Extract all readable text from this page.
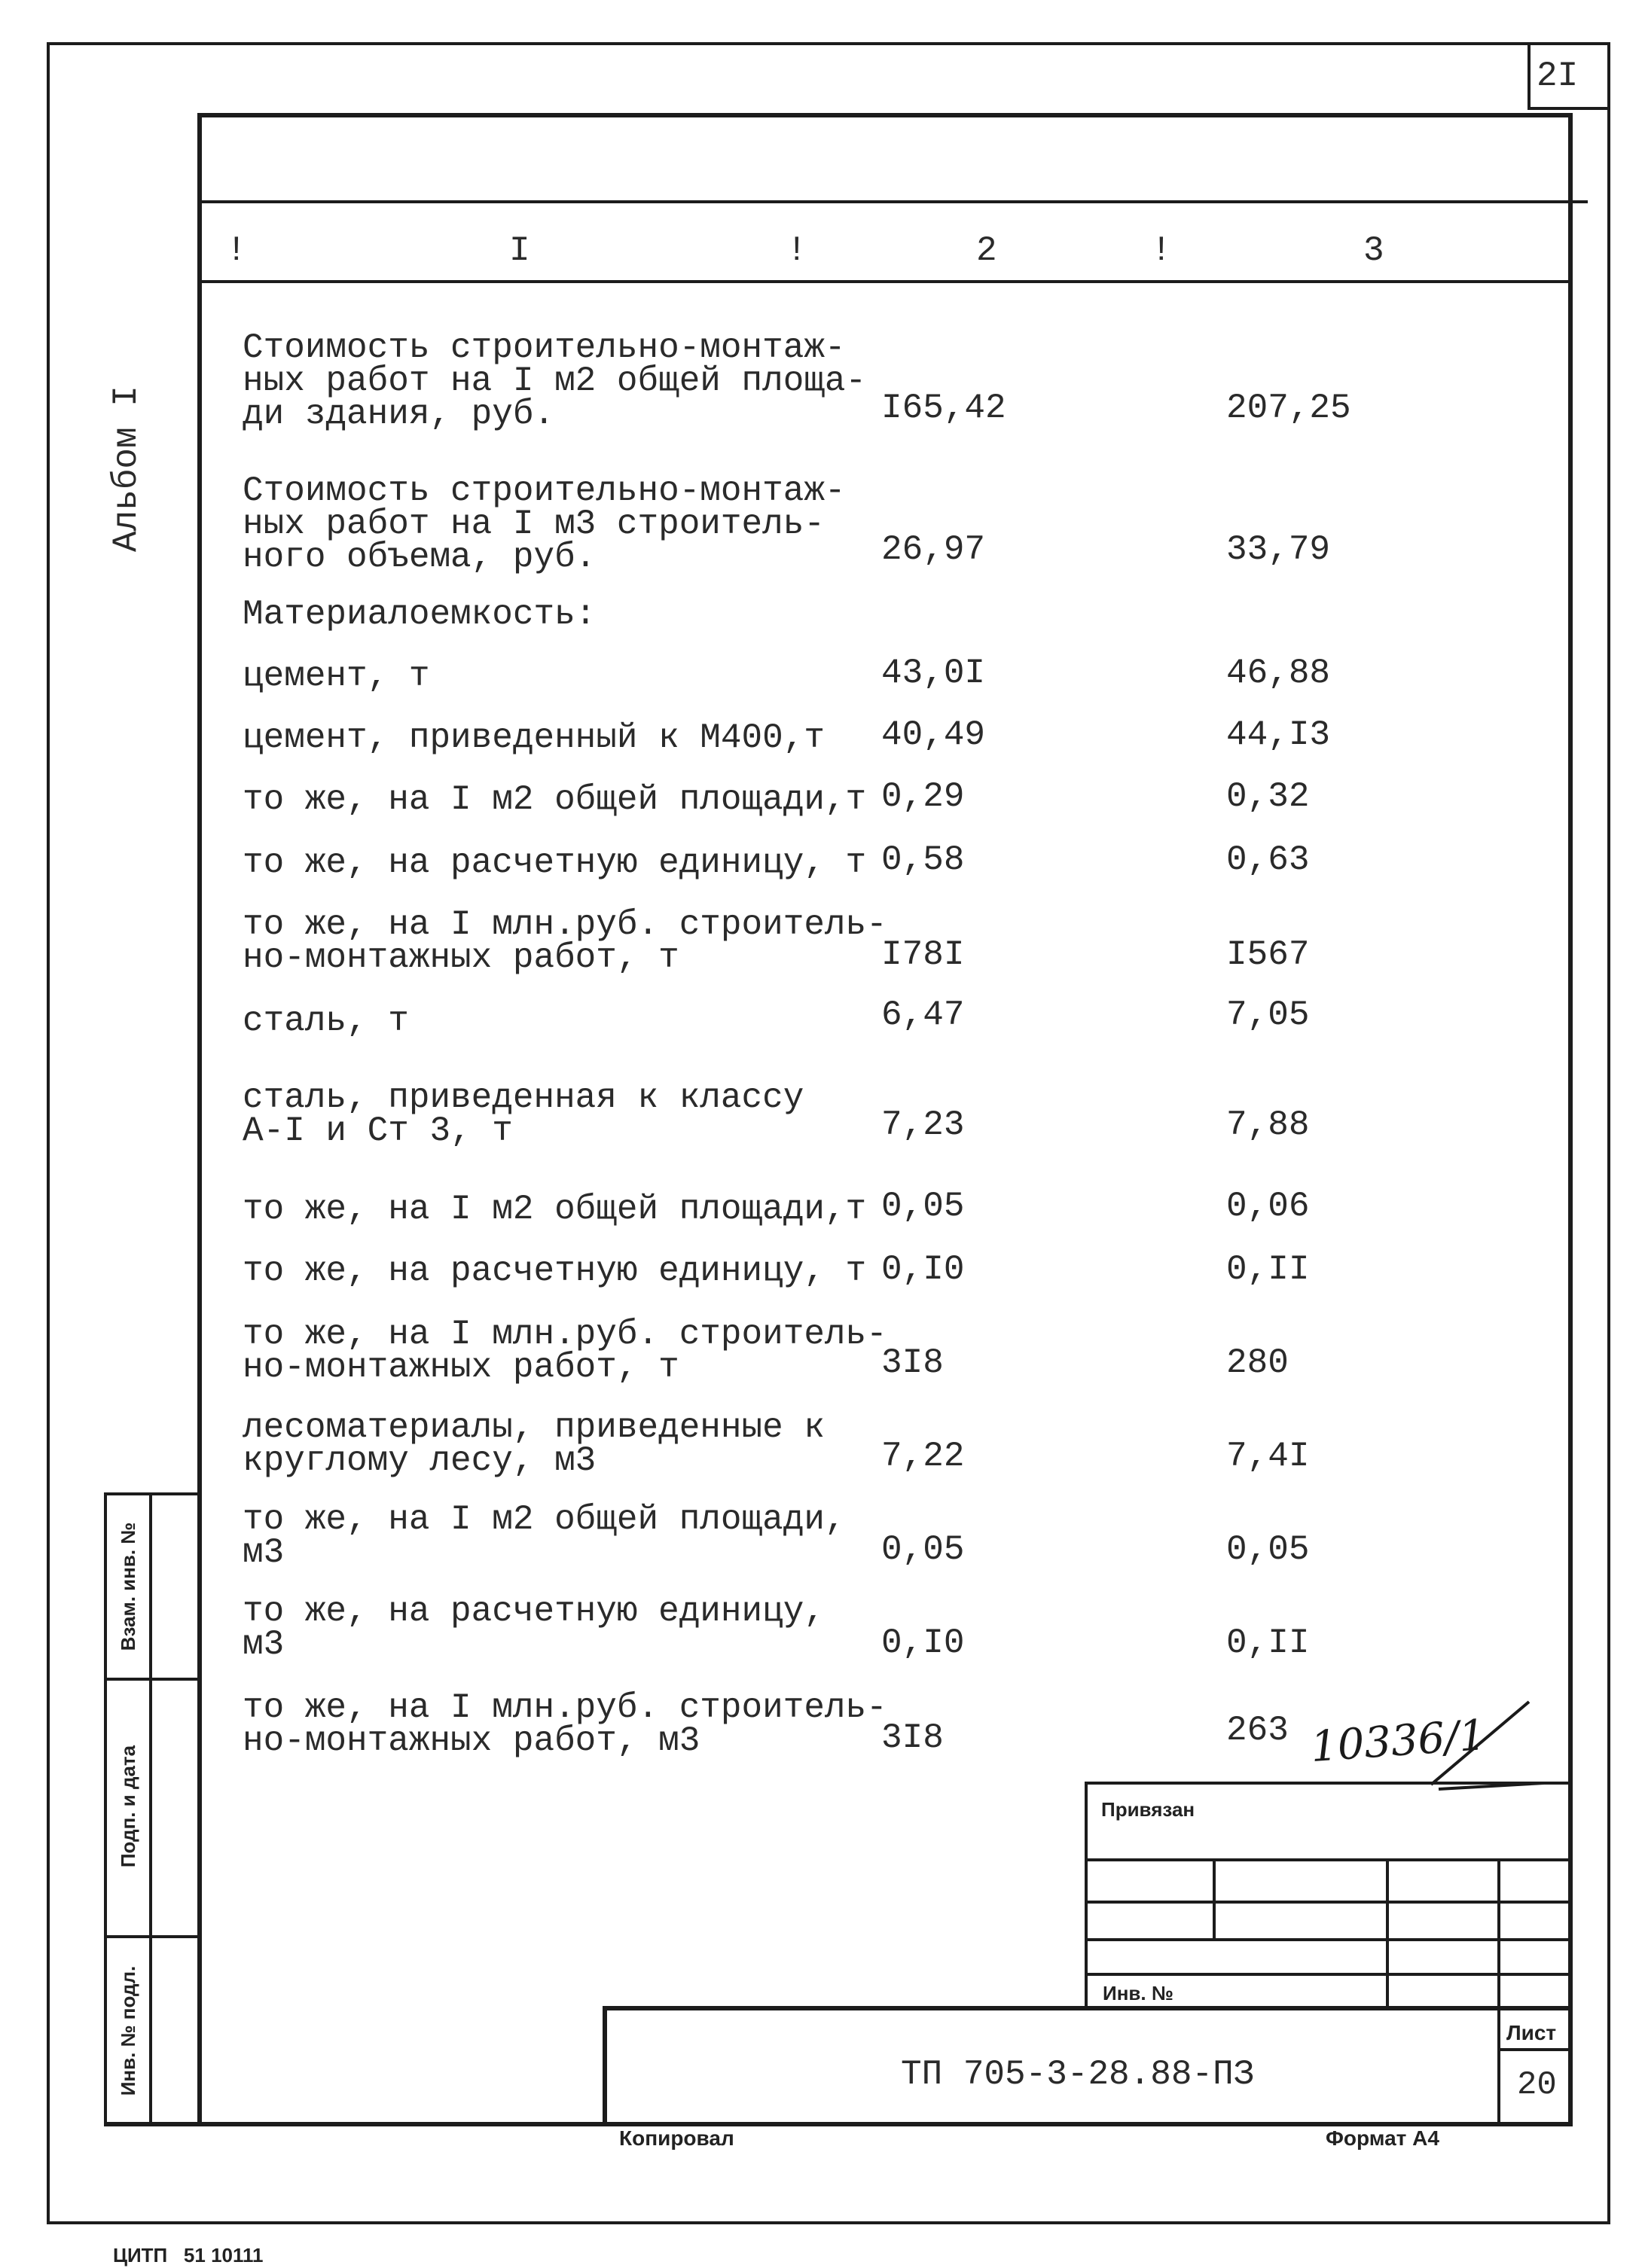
2I
!	I	!	2	!	3
Альбом I
Стоимость строительно-монтаж-
ных работ на I м2 общей площа-
ди здания, руб.	I65,42	207,25
Стоимость строительно-монтаж-
ных работ на I м3 строитель-
ного объема, руб.	26,97	33,79
Материалоемкость:
цемент, т	43,0I	46,88
цемент, приведенный к М400,т 40,49	44,I3
то же, на I м2 общей площади,т 0,29	0,32
то же, на расчетную единицу, т 0,58	0,63
то же, на I млн.руб. строитель-
но-монтажных работ, т	I78I	I567
сталь, т	6,47	7,05
сталь, приведенная к классу
А-I и Ст 3, т	7,23	7,88
то же, на I м2 общей площади,т 0,05	0,06
то же, на расчетную единицу, т 0,I0	0,II
то же, на I млн.руб. строитель-
но-монтажных работ, т	3I8	280
лесоматериалы, приведенные к
круглому лесу, м3	7,22	7,4I
то же, на I м2 общей площади,
м3	0,05	0,05
то же, на расчетную единицу,
м3	0,I0	0,II
то же, на I млн.руб. строитель-
но-монтажных работ, м3	3I8	263 10336/1
Привязан
Инв. №
Лист
ТП 705-3-28.88-ПЗ	20
Взам. инв. №
Подп. и дата
Инв. № подл.
Копировал	Формат А4
ЦИТП   51 10111
